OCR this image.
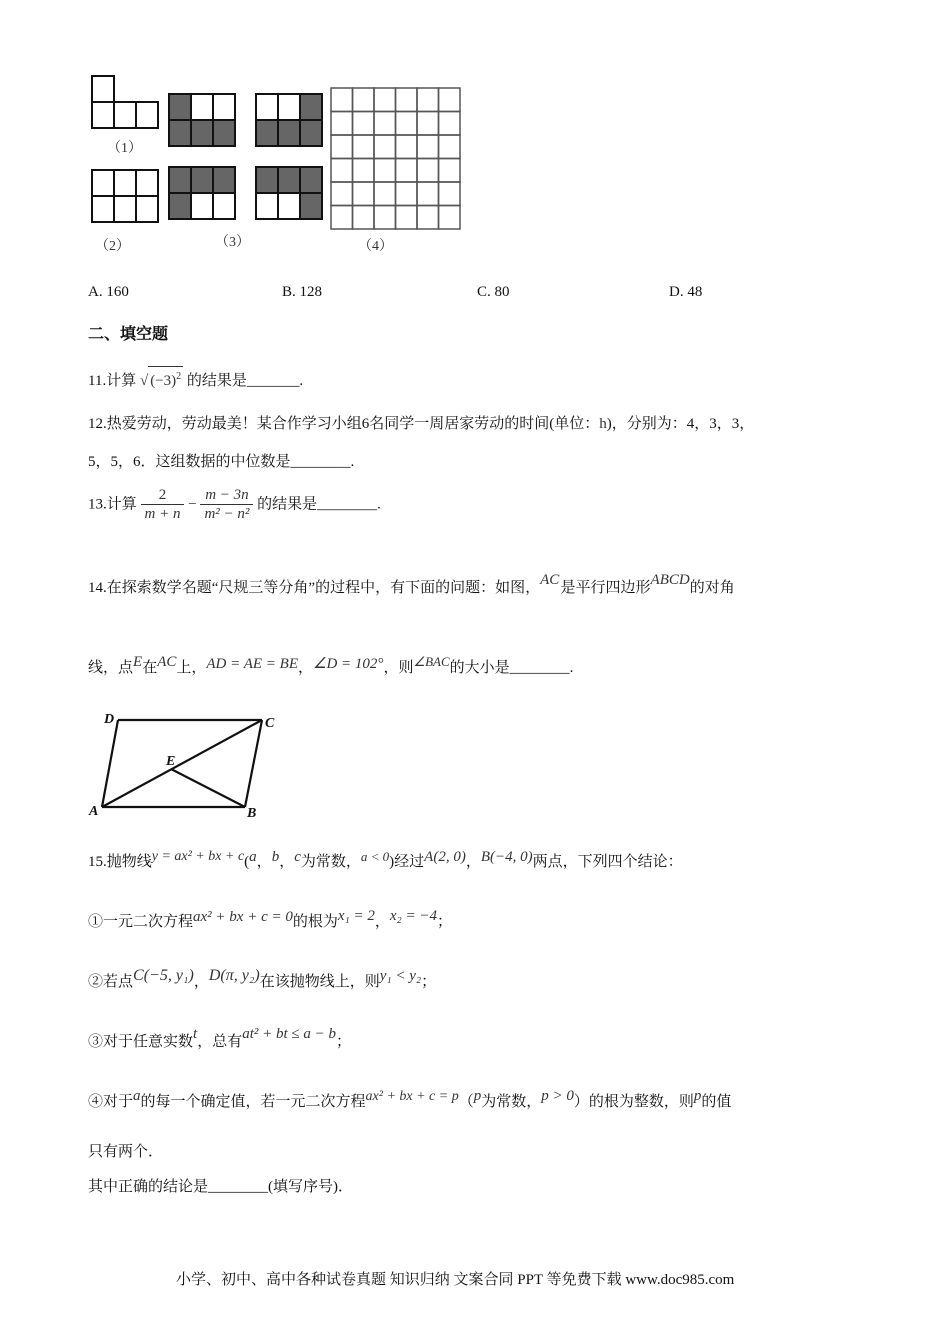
（1）
（2）	（3）	（4）
A. 160	B. 128	C. 80	D. 48
二、填空题
11.计算 √ $(-3)^2$ 的结果是_______.
12.热爱劳动，劳动最美！某合作学习小组6名同学一周居家劳动的时间(单位：h)，分别为：4，3，3，
5，5，6．这组数据的中位数是________.
13.计算 $\frac{2}{m + n} - \frac{m - 3n}{\text{m² − n²}}$ 的结果是________.
14.在探索数学名题“尺规三等分角”的过程中，有下面的问题：如图，AC 是平行四边形ABCD的对角
线，点E在AC上，AD = AE = BE，∠D = 102°，则∠BAC的大小是________.
D	C
E
A	B
15.抛物线y = ax² + bx + c(a，b，c为常数，a < 0)经过A(2, 0)，B(−4, 0)两点，下列四个结论：
①一元二次方程ax² + bx + c = 0的根为x₁ = 2，x₂ = −4；
②若点C(−5, y₁)，D(π, y₂)在该抛物线上，则y₁ < y₂；
③对于任意实数t，总有at² + bt ≤ a − b；
④对于a的每一个确定值，若一元二次方程ax² + bx + c = p（p为常数，p > 0）的根为整数，则p的值
只有两个．
其中正确的结论是________(填写序号)．
小学、初中、高中各种试卷真题 知识归纳 文案合同 PPT 等免费下载 www.doc985.com
